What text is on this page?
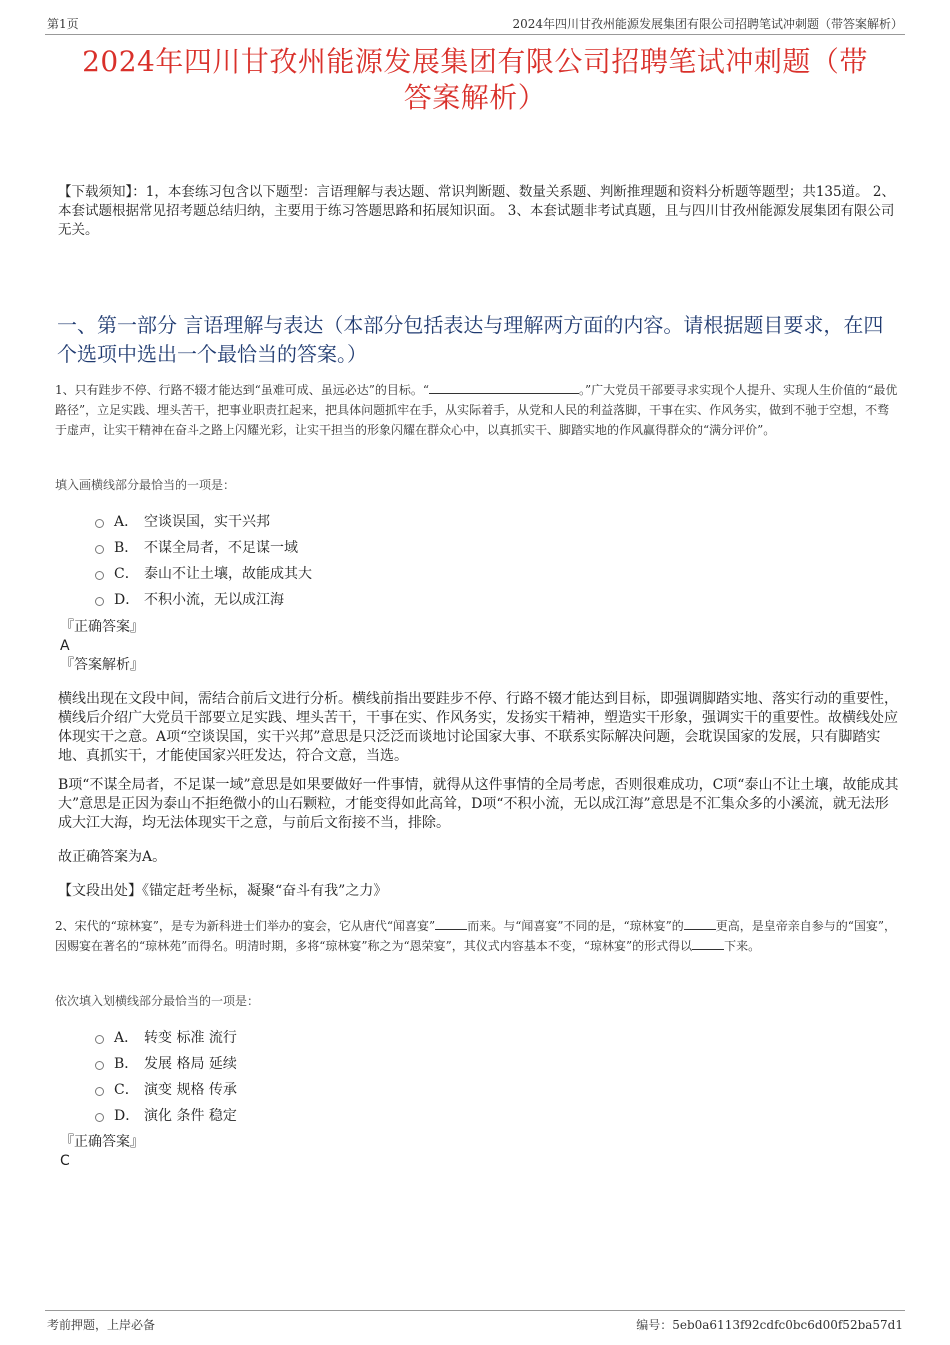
第1页	2024年四川甘孜州能源发展集团有限公司招聘笔试冲刺题（带答案解析）
2024年四川甘孜州能源发展集团有限公司招聘笔试冲刺题（带
答案解析）
【下载须知】：1，本套练习包含以下题型：言语理解与表达题、常识判断题、数量关系题、判断推理题和资料分析题等题型；共135道。 2、本套试题根据常见招考题总结归纳，主要用于练习答题思路和拓展知识面。 3、本套试题非考试真题，且与四川甘孜州能源发展集团有限公司无关。
一、第一部分 言语理解与表达（本部分包括表达与理解两方面的内容。请根据题目要求，在四个选项中选出一个最恰当的答案。）
1、只有跬步不停、行路不辍才能达到“虽难可成、虽远必达”的目标。“	。”广大党员干部要寻求实现个人提升、实现人生价值的“最优路径”，立足实践、埋头苦干，把事业职责扛起来，把具体问题抓牢在手，从实际着手，从党和人民的利益落脚，干事在实、作风务实，做到不驰于空想，不骛于虚声，让实干精神在奋斗之路上闪耀光彩，让实干担当的形象闪耀在群众心中，以真抓实干、脚踏实地的作风赢得群众的“满分评价”。
填入画横线部分最恰当的一项是：
A． 空谈误国，实干兴邦
B． 不谋全局者，不足谋一域
C． 泰山不让土壤，故能成其大
D． 不积小流，无以成江海
『正确答案』
A
『答案解析』
横线出现在文段中间，需结合前后文进行分析。横线前指出要跬步不停、行路不辍才能达到目标，即强调脚踏实地、落实行动的重要性，横线后介绍广大党员干部要立足实践、埋头苦干，干事在实、作风务实，发扬实干精神，塑造实干形象，强调实干的重要性。故横线处应体现实干之意。A项“空谈误国，实干兴邦”意思是只泛泛而谈地讨论国家大事、不联系实际解决问题，会耽误国家的发展，只有脚踏实地、真抓实干，才能使国家兴旺发达，符合文意，当选。
B项“不谋全局者，不足谋一域”意思是如果要做好一件事情，就得从这件事情的全局考虑，否则很难成功，C项“泰山不让土壤，故能成其大”意思是正因为泰山不拒绝微小的山石颗粒，才能变得如此高耸，D项“不积小流，无以成江海”意思是不汇集众多的小溪流，就无法形成大江大海，均无法体现实干之意，与前后文衔接不当，排除。
故正确答案为A。
【文段出处】《锚定赶考坐标，凝聚“奋斗有我”之力》
2、宋代的“琼林宴”，是专为新科进士们举办的宴会，它从唐代“闻喜宴”	而来。与“闻喜宴”不同的是，“琼林宴”的	更高，是皇帝亲自参与的“国宴”，因赐宴在著名的“琼林苑”而得名。明清时期，多将“琼林宴”称之为“恩荣宴”，其仪式内容基本不变，“琼林宴”的形式得以	下来。
依次填入划横线部分最恰当的一项是：
A． 转变 标准 流行
B． 发展 格局 延续
C． 演变 规格 传承
D． 演化 条件 稳定
『正确答案』
C
考前押题，上岸必备	编号：5eb0a6113f92cdfc0bc6d00f52ba57d1
